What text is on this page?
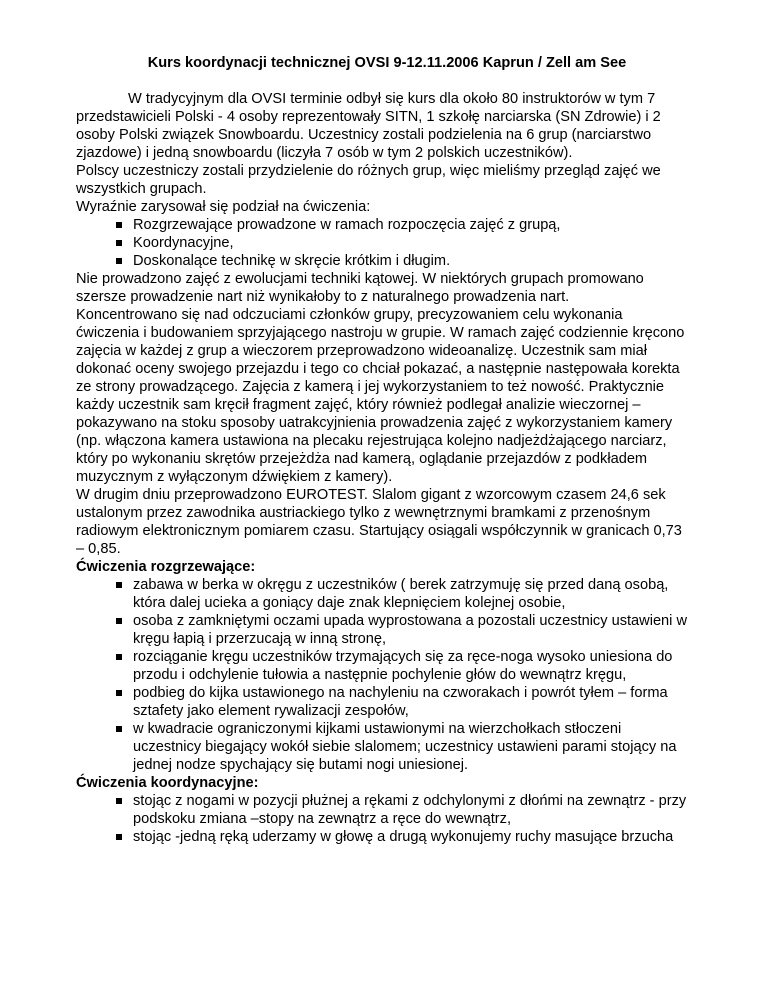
Kurs koordynacji technicznej OVSI 9-12.11.2006 Kaprun / Zell am See

W tradycyjnym dla OVSI terminie odbył się kurs dla około 80 instruktorów w tym 7 przedstawicieli Polski - 4 osoby reprezentowały SITN, 1 szkołę narciarska (SN Zdrowie) i 2 osoby Polski związek Snowboardu. Uczestnicy zostali podzielenia na 6 grup (narciarstwo zjazdowe) i jedną snowboardu (liczyła 7 osób w tym 2 polskich uczestników).

Polscy uczestniczy zostali przydzielenie do różnych grup, więc mieliśmy przegląd zajęć we wszystkich grupach.

Wyraźnie zarysował się podział na ćwiczenia:

Rozgrzewające prowadzone w ramach rozpoczęcia zajęć z grupą,
Koordynacyjne,
Doskonalące technikę w skręcie krótkim i długim.

Nie prowadzono zajęć z ewolucjami techniki kątowej. W niektórych grupach promowano szersze prowadzenie nart niż wynikałoby to z naturalnego prowadzenia nart.

Koncentrowano się nad odczuciami członków grupy, precyzowaniem celu wykonania ćwiczenia i budowaniem sprzyjającego nastroju w grupie. W ramach zajęć codziennie kręcono zajęcia w każdej z grup a wieczorem przeprowadzono wideoanalizę. Uczestnik sam miał dokonać oceny swojego przejazdu i tego co chciał pokazać, a następnie następowała korekta ze strony prowadzącego. Zajęcia z kamerą i jej wykorzystaniem to też nowość. Praktycznie każdy uczestnik sam kręcił fragment zajęć, który również podlegał analizie wieczornej – pokazywano na stoku sposoby uatrakcyjnienia prowadzenia zajęć z wykorzystaniem kamery (np. włączona kamera ustawiona na plecaku rejestrująca kolejno nadjeżdżającego narciarz, który po wykonaniu skrętów przejeżdża nad kamerą, oglądanie przejazdów z podkładem muzycznym z wyłączonym dźwiękiem z kamery).

W drugim dniu przeprowadzono EUROTEST. Slalom gigant z wzorcowym czasem 24,6 sek ustalonym przez zawodnika austriackiego tylko z wewnętrznymi bramkami z przenośnym radiowym elektronicznym pomiarem czasu. Startujący osiągali współczynnik w granicach 0,73 – 0,85.

Ćwiczenia rozgrzewające:

zabawa w berka w okręgu z uczestników ( berek zatrzymuję się przed daną osobą, która dalej ucieka a goniący daje znak klepnięciem kolejnej osobie,
osoba z zamkniętymi oczami upada wyprostowana a pozostali uczestnicy ustawieni w kręgu łapią i przerzucają w inną stronę,
rozciąganie kręgu uczestników trzymających się za ręce-noga wysoko uniesiona do przodu i odchylenie tułowia a następnie pochylenie głów do wewnątrz kręgu,
podbieg do kijka ustawionego na nachyleniu na czworakach i powrót tyłem – forma sztafety jako element rywalizacji zespołów,
w kwadracie ograniczonymi kijkami ustawionymi na wierzchołkach stłoczeni uczestnicy biegający wokół siebie slalomem; uczestnicy ustawieni parami stojący na jednej nodze spychający się butami nogi uniesionej.

Ćwiczenia koordynacyjne:

stojąc z nogami w pozycji płużnej a rękami z odchylonymi z dłońmi na zewnątrz - przy podskoku zmiana –stopy na zewnątrz a ręce do wewnątrz,
stojąc -jedną ręką uderzamy w głowę a drugą wykonujemy ruchy masujące brzucha
